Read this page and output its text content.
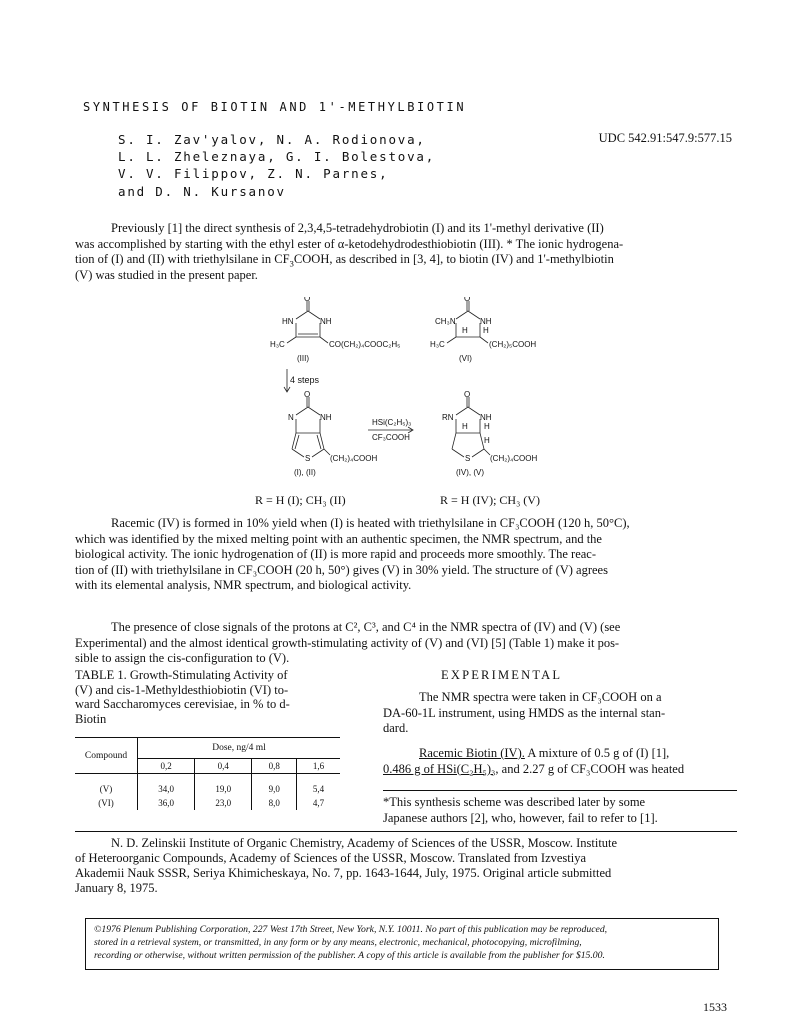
SYNTHESIS OF BIOTIN AND 1'-METHYLBIOTIN
S. I. Zav'yalov, N. A. Rodionova,
L. L. Zheleznaya, G. I. Bolestova,
V. V. Filippov, Z. N. Parnes,
and D. N. Kursanov
UDC 542.91:547.9:577.15
Previously [1] the direct synthesis of 2,3,4,5-tetradehydrobiotin (I) and its 1'-methyl derivative (II)
was accomplished by starting with the ethyl ester of α-ketodehydrodesthiobiotin (III). * The ionic hydrogena-
tion of (I) and (II) with triethylsilane in $CF_3COOH$, as described in [3, 4], to biotin (IV) and 1'-methylbiotin
(V) was studied in the present paper.
O
HN	NH
H₃C	CO(CH₂)₄COOC₂H₅
(III)
O
CH₃N	NH
H H
H₃C	(CH₂)₅COOH
(VI)
4 steps
O
N	NH
S (CH₂)₄COOH
(I), (II)
HSi(C₂H₅)₃
CF₃COOH
O
RN	NH
H H
H
S (CH₂)₄COOH
(IV), (V)
R = H (I); CH₃ (II)	R = H (IV); CH₃ (V)
Racemic (IV) is formed in 10% yield when (I) is heated with triethylsilane in CF₃COOH (120 h, 50°C),
which was identified by the mixed melting point with an authentic specimen, the NMR spectrum, and the
biological activity. The ionic hydrogenation of (II) is more rapid and proceeds more smoothly. The reac-
tion of (II) with triethylsilane in CF₃COOH (20 h, 50°) gives (V) in 30% yield. The structure of (V) agrees
with its elemental analysis, NMR spectrum, and biological activity.
The presence of close signals of the protons at C², C³, and C⁴ in the NMR spectra of (IV) and (V) (see
Experimental) and the almost identical growth-stimulating activity of (V) and (VI) [5] (Table 1) make it pos-
sible to assign the cis-configuration to (V).
TABLE 1. Growth-Stimulating Activity of
(V) and cis-1-Methyldesthiobiotin (VI) to-
ward Saccharomyces cerevisiae, in % to d-
Biotin
Compound	Dose, ng/4 ml			
	0,2	0,4	0,8	1,6
(V)	34,0	19,0	9,0	5,4
(VI)	36,0	23,0	8,0	4,7
EXPERIMENTAL
The NMR spectra were taken in CF₃COOH on a
DA-60-1L instrument, using HMDS as the internal stan-
dard.
Racemic Biotin (IV). A mixture of 0.5 g of (I) [1],
0.486 g of HSi(C₂H₅)₃, and 2.27 g of CF₃COOH was heated
*This synthesis scheme was described later by some
Japanese authors [2], who, however, fail to refer to [1].
N. D. Zelinskii Institute of Organic Chemistry, Academy of Sciences of the USSR, Moscow. Institute
of Heteroorganic Compounds, Academy of Sciences of the USSR, Moscow. Translated from Izvestiya
Akademii Nauk SSSR, Seriya Khimicheskaya, No. 7, pp. 1643-1644, July, 1975. Original article submitted
January 8, 1975.
©1976 Plenum Publishing Corporation, 227 West 17th Street, New York, N.Y. 10011. No part of this publication may be reproduced,
stored in a retrieval system, or transmitted, in any form or by any means, electronic, mechanical, photocopying, microfilming,
recording or otherwise, without written permission of the publisher. A copy of this article is available from the publisher for $15.00.
1533
